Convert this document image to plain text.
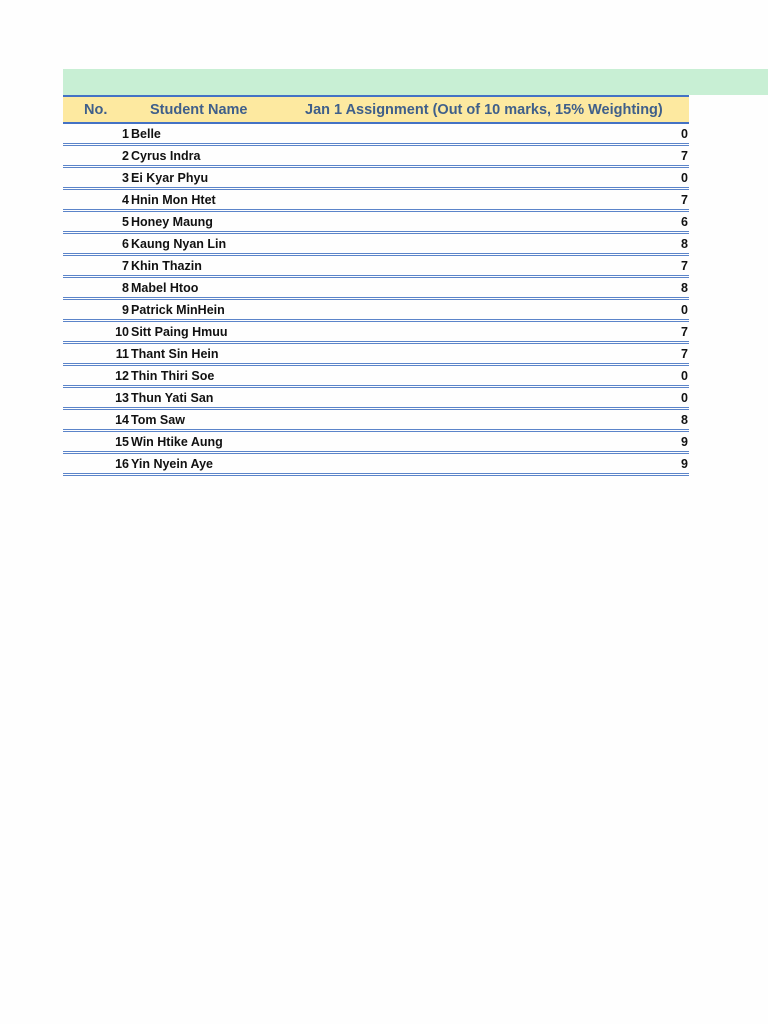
No.	Student Name	Jan 1 Assignment (Out of 10 marks, 15% Weighting)
1	Belle	0
2	Cyrus Indra	7
3	Ei Kyar Phyu	0
4	Hnin Mon Htet	7
5	Honey Maung	6
6	Kaung Nyan Lin	8
7	Khin Thazin	7
8	Mabel Htoo	8
9	Patrick MinHein	0
10	Sitt Paing Hmuu	7
11	Thant Sin Hein	7
12	Thin Thiri Soe	0
13	Thun Yati San	0
14	Tom Saw	8
15	Win Htike Aung	9
16	Yin Nyein Aye	9
